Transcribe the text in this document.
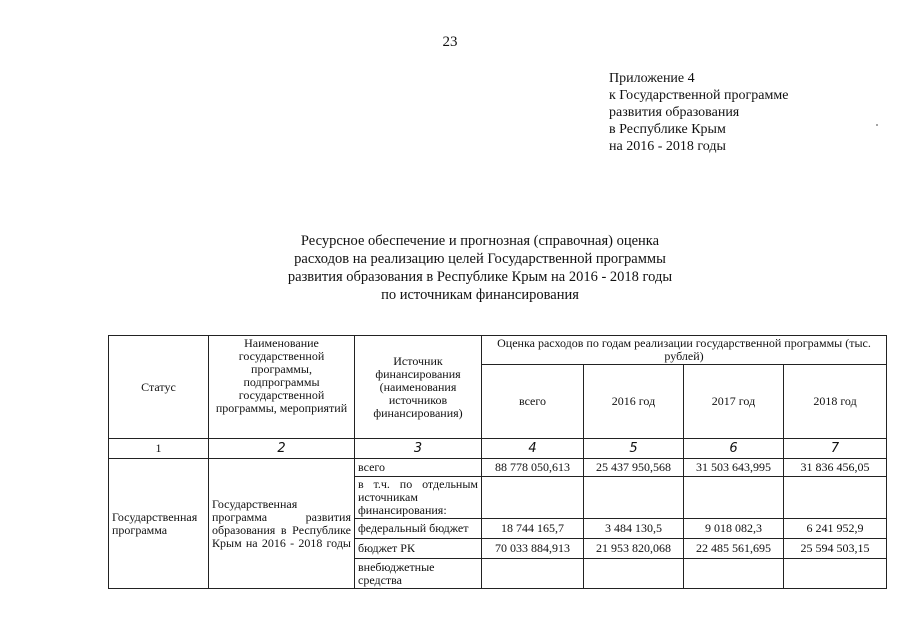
23
Приложение 4
к Государственной программе
развития образования
в Республике Крым
на 2016 - 2018 годы
Ресурсное обеспечение и прогнозная (справочная) оценка
расходов на реализацию целей Государственной программы
развития образования в Республике Крым на 2016 - 2018 годы
по источникам финансирования
Статус	Наименование государственной программы, подпрограммы государственной программы, мероприятий	Источник финансирования (наименования источников финансирования)	Оценка расходов по годам реализации государственной программы (тыс. рублей)			
			всего	2016 год	2017 год	2018 год
1	2	3	4	5	6	7
Государственная программа	Государственная программа развития образования в Республике Крым на 2016 - 2018 годы	всего	88 778 050,613	25 437 950,568	31 503 643,995	31 836 456,05
		в т.ч. по отдельным источникам финансирования:				
		федеральный бюджет	18 744 165,7	3 484 130,5	9 018 082,3	6 241 952,9
		бюджет РК	70 033 884,913	21 953 820,068	22 485 561,695	25 594 503,15
		внебюджетные средства				
